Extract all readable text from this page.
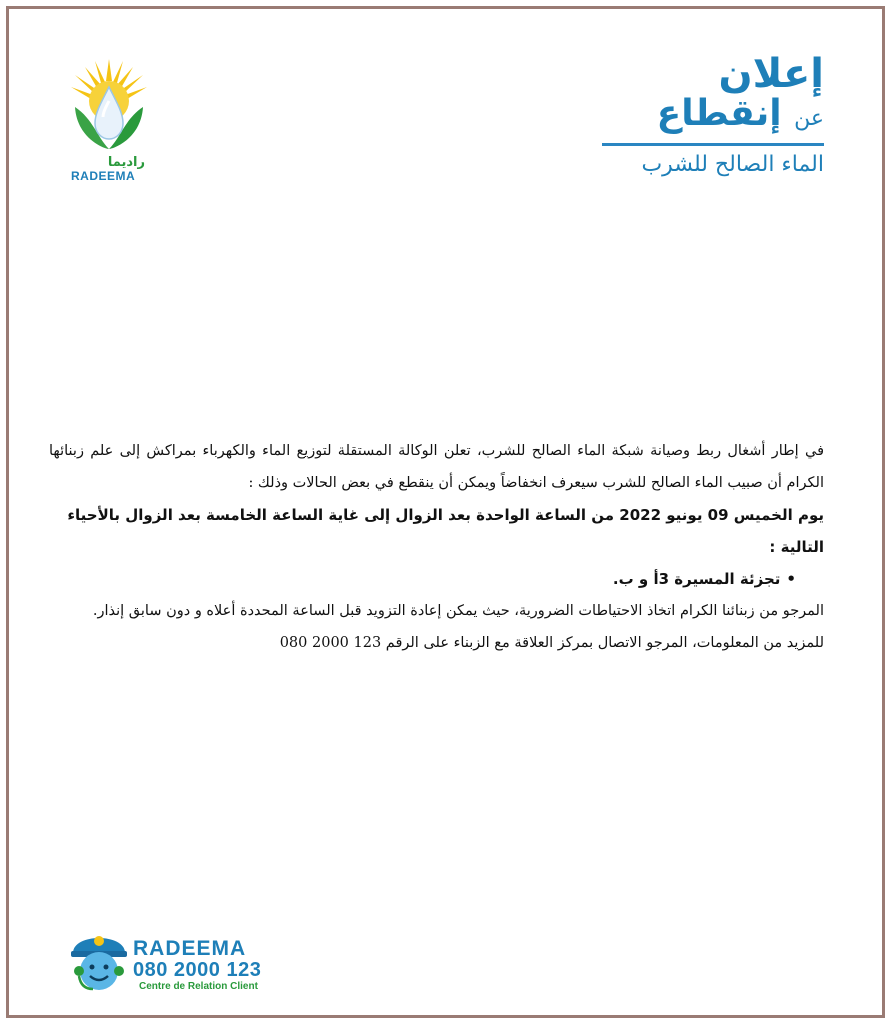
راديما
RADEEMA
إعلان
عن إنقطاع
الماء الصالح للشرب

في إطار أشغال ربط وصيانة شبكة الماء الصالح للشرب، تعلن الوكالة المستقلة لتوزيع الماء والكهرباء بمراكش إلى علم زبنائها الكرام أن صبيب الماء الصالح للشرب سيعرف انخفاضاً ويمكن أن ينقطع في بعض الحالات وذلك :

يوم الخميس 09 يونيو 2022 من الساعة الواحدة بعد الزوال إلى غاية الساعة الخامسة بعد الزوال بالأحياء التالية :

•تجزئة المسيرة 3أ و ب.

المرجو من زبنائنا الكرام اتخاذ الاحتياطات الضرورية، حيث يمكن إعادة التزويد قبل الساعة المحددة أعلاه و دون سابق إنذار.

للمزيد من المعلومات، المرجو الاتصال بمركز العلاقة مع الزبناء على الرقم 123 2000 080

RADEEMA
080 2000 123
Centre de Relation Client
